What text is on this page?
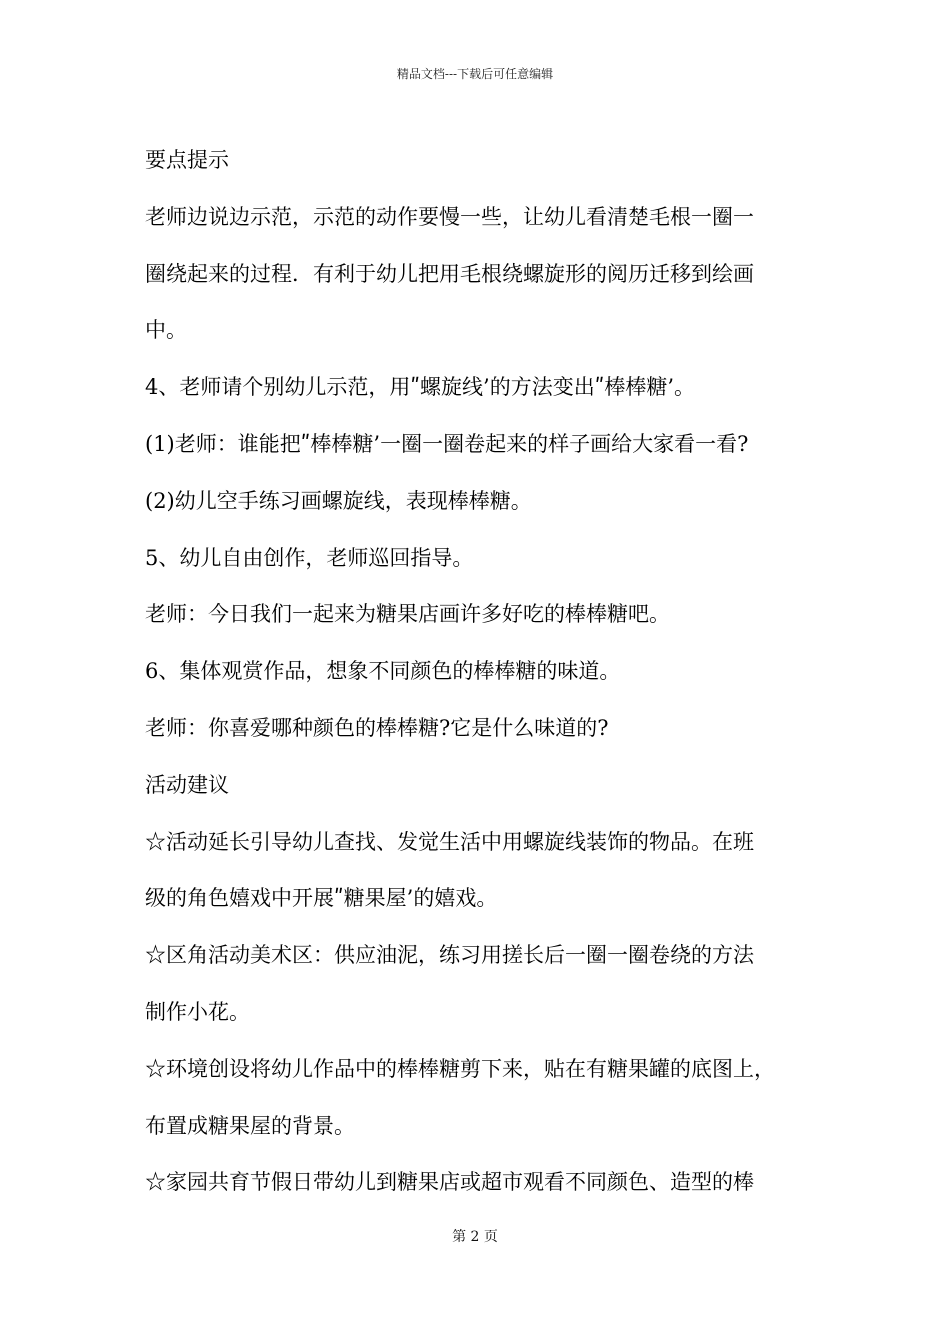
精品文档---下载后可任意编辑

要点提示

老师边说边示范，示范的动作要慢一些，让幼儿看清楚毛根一圈一

圈绕起来的过程．有利于幼儿把用毛根绕螺旋形的阅历迁移到绘画

中。

4、老师请个别幼儿示范，用ʺ螺旋线’的方法变出ʺ棒棒糖’。

(1)老师：谁能把ʺ棒棒糖’一圈一圈卷起来的样子画给大家看一看?

(2)幼儿空手练习画螺旋线，表现棒棒糖。

5、幼儿自由创作，老师巡回指导。

老师：今日我们一起来为糖果店画许多好吃的棒棒糖吧。

6、集体观赏作品，想象不同颜色的棒棒糖的味道。

老师：你喜爱哪种颜色的棒棒糖?它是什么味道的?

活动建议

☆活动延长引导幼儿查找、发觉生活中用螺旋线装饰的物品。在班

级的角色嬉戏中开展ʺ糖果屋’的嬉戏。

☆区角活动美术区：供应油泥，练习用搓长后一圈一圈卷绕的方法

制作小花。

☆环境创设将幼儿作品中的棒棒糖剪下来，贴在有糖果罐的底图上，

布置成糖果屋的背景。

☆家园共育节假日带幼儿到糖果店或超市观看不同颜色、造型的棒

第 2 页
